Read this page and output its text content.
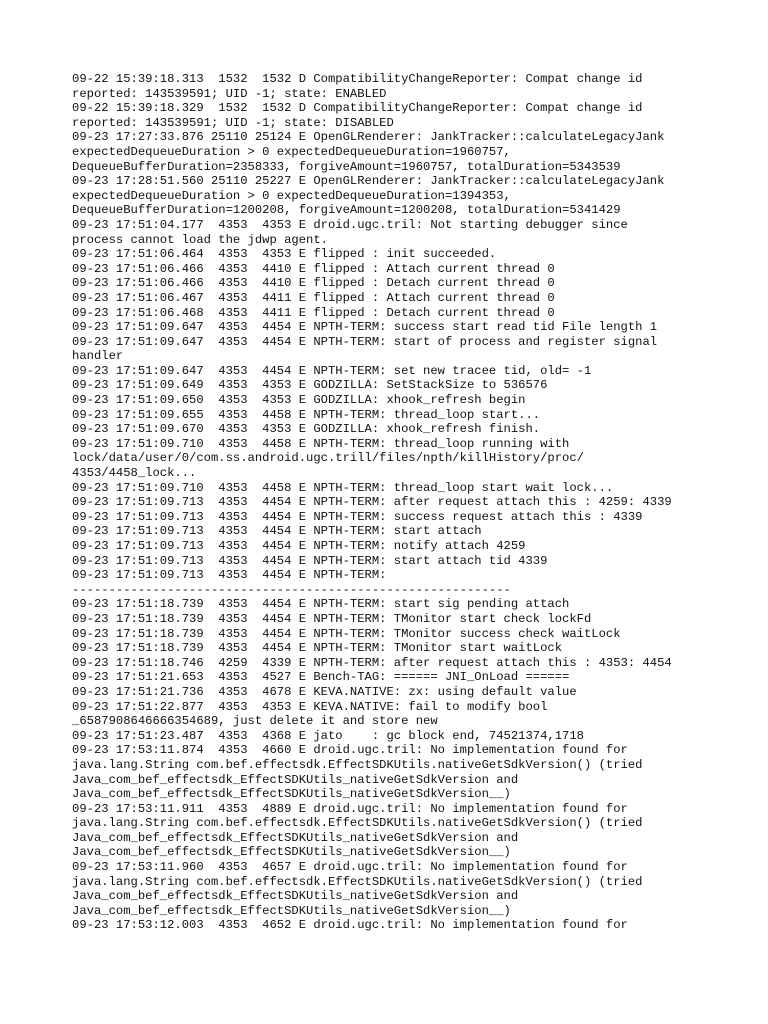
09-22 15:39:18.313  1532  1532 D CompatibilityChangeReporter: Compat change id
reported: 143539591; UID -1; state: ENABLED
09-22 15:39:18.329  1532  1532 D CompatibilityChangeReporter: Compat change id
reported: 143539591; UID -1; state: DISABLED
09-23 17:27:33.876 25110 25124 E OpenGLRenderer: JankTracker::calculateLegacyJank
expectedDequeueDuration > 0 expectedDequeueDuration=1960757,
DequeueBufferDuration=2358333, forgiveAmount=1960757, totalDuration=5343539
09-23 17:28:51.560 25110 25227 E OpenGLRenderer: JankTracker::calculateLegacyJank
expectedDequeueDuration > 0 expectedDequeueDuration=1394353,
DequeueBufferDuration=1200208, forgiveAmount=1200208, totalDuration=5341429
09-23 17:51:04.177  4353  4353 E droid.ugc.tril: Not starting debugger since
process cannot load the jdwp agent.
09-23 17:51:06.464  4353  4353 E flipped : init succeeded.
09-23 17:51:06.466  4353  4410 E flipped : Attach current thread 0
09-23 17:51:06.466  4353  4410 E flipped : Detach current thread 0
09-23 17:51:06.467  4353  4411 E flipped : Attach current thread 0
09-23 17:51:06.468  4353  4411 E flipped : Detach current thread 0
09-23 17:51:09.647  4353  4454 E NPTH-TERM: success start read tid File length 1
09-23 17:51:09.647  4353  4454 E NPTH-TERM: start of process and register signal
handler
09-23 17:51:09.647  4353  4454 E NPTH-TERM: set new tracee tid, old= -1
09-23 17:51:09.649  4353  4353 E GODZILLA: SetStackSize to 536576
09-23 17:51:09.650  4353  4353 E GODZILLA: xhook_refresh begin
09-23 17:51:09.655  4353  4458 E NPTH-TERM: thread_loop start...
09-23 17:51:09.670  4353  4353 E GODZILLA: xhook_refresh finish.
09-23 17:51:09.710  4353  4458 E NPTH-TERM: thread_loop running with
lock/data/user/0/com.ss.android.ugc.trill/files/npth/killHistory/proc/
4353/4458_lock...
09-23 17:51:09.710  4353  4458 E NPTH-TERM: thread_loop start wait lock...
09-23 17:51:09.713  4353  4454 E NPTH-TERM: after request attach this : 4259: 4339
09-23 17:51:09.713  4353  4454 E NPTH-TERM: success request attach this : 4339
09-23 17:51:09.713  4353  4454 E NPTH-TERM: start attach
09-23 17:51:09.713  4353  4454 E NPTH-TERM: notify attach 4259
09-23 17:51:09.713  4353  4454 E NPTH-TERM: start attach tid 4339
09-23 17:51:09.713  4353  4454 E NPTH-TERM:
------------------------------------------------------------
09-23 17:51:18.739  4353  4454 E NPTH-TERM: start sig pending attach
09-23 17:51:18.739  4353  4454 E NPTH-TERM: TMonitor start check lockFd
09-23 17:51:18.739  4353  4454 E NPTH-TERM: TMonitor success check waitLock
09-23 17:51:18.739  4353  4454 E NPTH-TERM: TMonitor start waitLock
09-23 17:51:18.746  4259  4339 E NPTH-TERM: after request attach this : 4353: 4454
09-23 17:51:21.653  4353  4527 E Bench-TAG: ====== JNI_OnLoad ======
09-23 17:51:21.736  4353  4678 E KEVA.NATIVE: zx: using default value
09-23 17:51:22.877  4353  4353 E KEVA.NATIVE: fail to modify bool
_6587908646666354689, just delete it and store new
09-23 17:51:23.487  4353  4368 E jato    : gc block end, 74521374,1718
09-23 17:53:11.874  4353  4660 E droid.ugc.tril: No implementation found for
java.lang.String com.bef.effectsdk.EffectSDKUtils.nativeGetSdkVersion() (tried
Java_com_bef_effectsdk_EffectSDKUtils_nativeGetSdkVersion and
Java_com_bef_effectsdk_EffectSDKUtils_nativeGetSdkVersion__)
09-23 17:53:11.911  4353  4889 E droid.ugc.tril: No implementation found for
java.lang.String com.bef.effectsdk.EffectSDKUtils.nativeGetSdkVersion() (tried
Java_com_bef_effectsdk_EffectSDKUtils_nativeGetSdkVersion and
Java_com_bef_effectsdk_EffectSDKUtils_nativeGetSdkVersion__)
09-23 17:53:11.960  4353  4657 E droid.ugc.tril: No implementation found for
java.lang.String com.bef.effectsdk.EffectSDKUtils.nativeGetSdkVersion() (tried
Java_com_bef_effectsdk_EffectSDKUtils_nativeGetSdkVersion and
Java_com_bef_effectsdk_EffectSDKUtils_nativeGetSdkVersion__)
09-23 17:53:12.003  4353  4652 E droid.ugc.tril: No implementation found for
